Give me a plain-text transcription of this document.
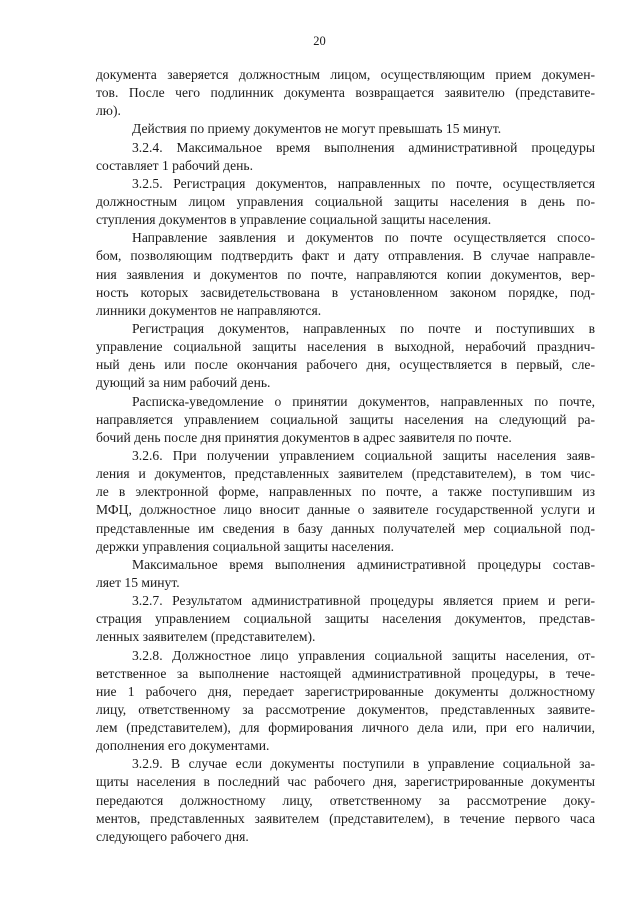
20
документа заверяется должностным лицом, осуществляющим прием докумен-
тов. После чего подлинник документа возвращается заявителю (представите-
лю).
Действия по приему документов не могут превышать 15 минут.
3.2.4. Максимальное время выполнения административной процедуры
составляет 1 рабочий день.
3.2.5. Регистрация документов, направленных по почте, осуществляется
должностным лицом управления социальной защиты населения в день по-
ступления документов в управление социальной защиты населения.
Направление заявления и документов по почте осуществляется спосо-
бом, позволяющим подтвердить факт и дату отправления. В случае направле-
ния заявления и документов по почте, направляются копии документов, вер-
ность которых засвидетельствована в установленном законом порядке, под-
линники документов не направляются.
Регистрация документов, направленных по почте и поступивших в
управление социальной защиты населения в выходной, нерабочий празднич-
ный день или после окончания рабочего дня, осуществляется в первый, сле-
дующий за ним рабочий день.
Расписка-уведомление о принятии документов, направленных по почте,
направляется управлением социальной защиты населения на следующий ра-
бочий день после дня принятия документов в адрес заявителя по почте.
3.2.6. При получении управлением социальной защиты населения заяв-
ления и документов, представленных заявителем (представителем), в том чис-
ле в электронной форме, направленных по почте, а также поступившим из
МФЦ, должностное лицо вносит данные о заявителе государственной услуги и
представленные им сведения в базу данных получателей мер социальной под-
держки управления социальной защиты населения.
Максимальное время выполнения административной процедуры состав-
ляет 15 минут.
3.2.7. Результатом административной процедуры является прием и реги-
страция управлением социальной защиты населения документов, представ-
ленных заявителем (представителем).
3.2.8. Должностное лицо управления социальной защиты населения, от-
ветственное за выполнение настоящей административной процедуры, в тече-
ние 1 рабочего дня, передает зарегистрированные документы должностному
лицу, ответственному за рассмотрение документов, представленных заявите-
лем (представителем), для формирования личного дела или, при его наличии,
дополнения его документами.
3.2.9. В случае если документы поступили в управление социальной за-
щиты населения в последний час рабочего дня, зарегистрированные документы
передаются должностному лицу, ответственному за рассмотрение доку-
ментов, представленных заявителем (представителем), в течение первого часа
следующего рабочего дня.
